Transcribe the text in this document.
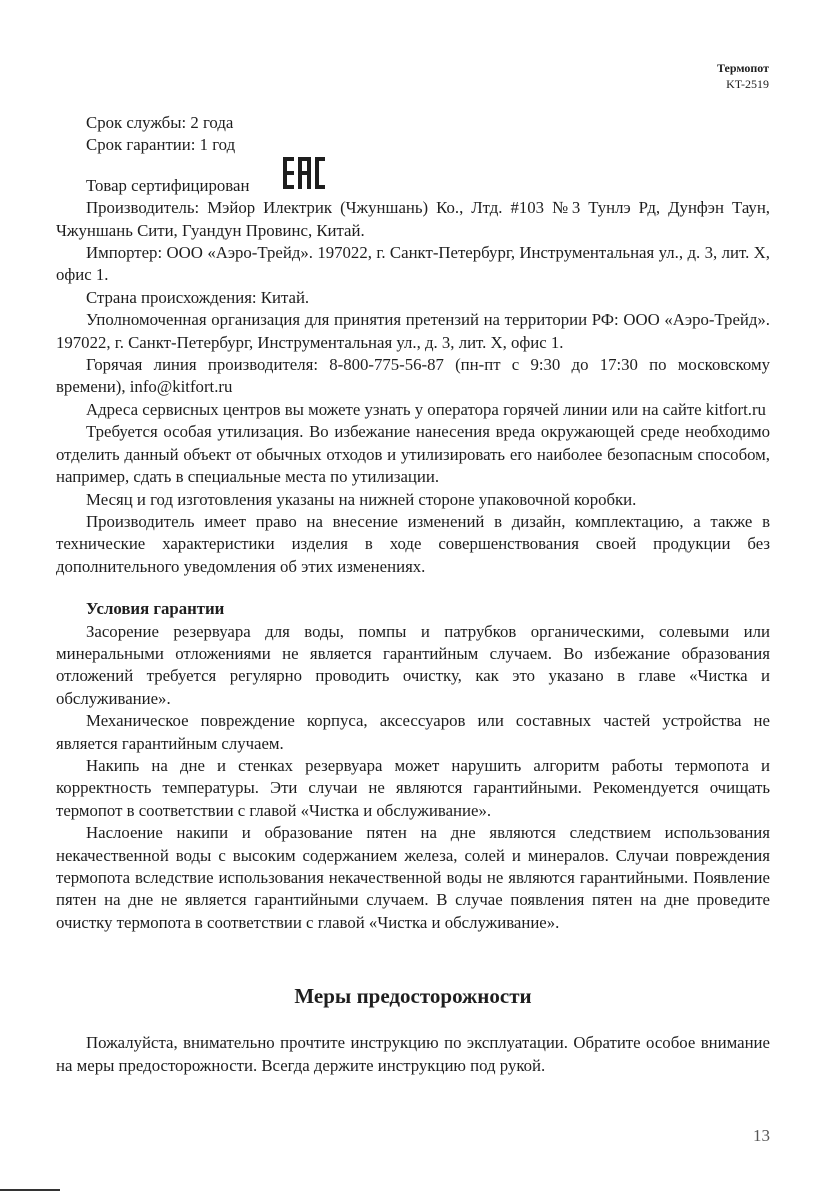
Термопот
KT-2519

Срок службы: 2 года

Срок гарантии: 1 год

Товар сертифицирован

Производитель: Мэйор Илектрик (Чжуншань) Ко., Лтд. #103 №3 Тунлэ Рд, Дунфэн Таун, Чжуншань Сити, Гуандун Провинс, Китай.

Импортер: ООО «Аэро-Трейд». 197022, г. Санкт-Петербург, Инструментальная ул., д. 3, лит. Х, офис 1.

Страна происхождения: Китай.

Уполномоченная организация для принятия претензий на территории РФ: ООО «Аэро-Трейд». 197022, г. Санкт-Петербург, Инструментальная ул., д. 3, лит. Х, офис 1.

Горячая линия производителя: 8-800-775-56-87 (пн-пт с 9:30 до 17:30 по московскому времени), info@kitfort.ru

Адреса сервисных центров вы можете узнать у оператора горячей линии или на сайте kitfort.ru

Требуется особая утилизация. Во избежание нанесения вреда окружающей среде необходимо отделить данный объект от обычных отходов и утилизировать его наиболее безопасным способом, например, сдать в специальные места по утилизации.

Месяц и год изготовления указаны на нижней стороне упаковочной коробки.

Производитель имеет право на внесение изменений в дизайн, комплектацию, а также в технические характеристики изделия в ходе совершенствования своей продукции без дополнительного уведомления об этих изменениях.

Условия гарантии

Засорение резервуара для воды, помпы и патрубков органическими, солевыми или минеральными отложениями не является гарантийным случаем. Во избежание образования отложений требуется регулярно проводить очистку, как это указано в главе «Чистка и обслуживание».

Механическое повреждение корпуса, аксессуаров или составных частей устройства не является гарантийным случаем.

Накипь на дне и стенках резервуара может нарушить алгоритм работы термопота и корректность температуры. Эти случаи не являются гарантийными. Рекомендуется очищать термопот в соответствии с главой «Чистка и обслуживание».

Наслоение накипи и образование пятен на дне являются следствием использования некачественной воды с высоким содержанием железа, солей и минералов. Случаи повреждения термопота вследствие использования некачественной воды не являются гарантийными. Появление пятен на дне не является гарантийными случаем. В случае появления пятен на дне проведите очистку термопота в соответствии с главой «Чистка и обслуживание».

Меры предосторожности

Пожалуйста, внимательно прочтите инструкцию по эксплуатации. Обратите особое внимание на меры предосторожности. Всегда держите инструкцию под рукой.

13
